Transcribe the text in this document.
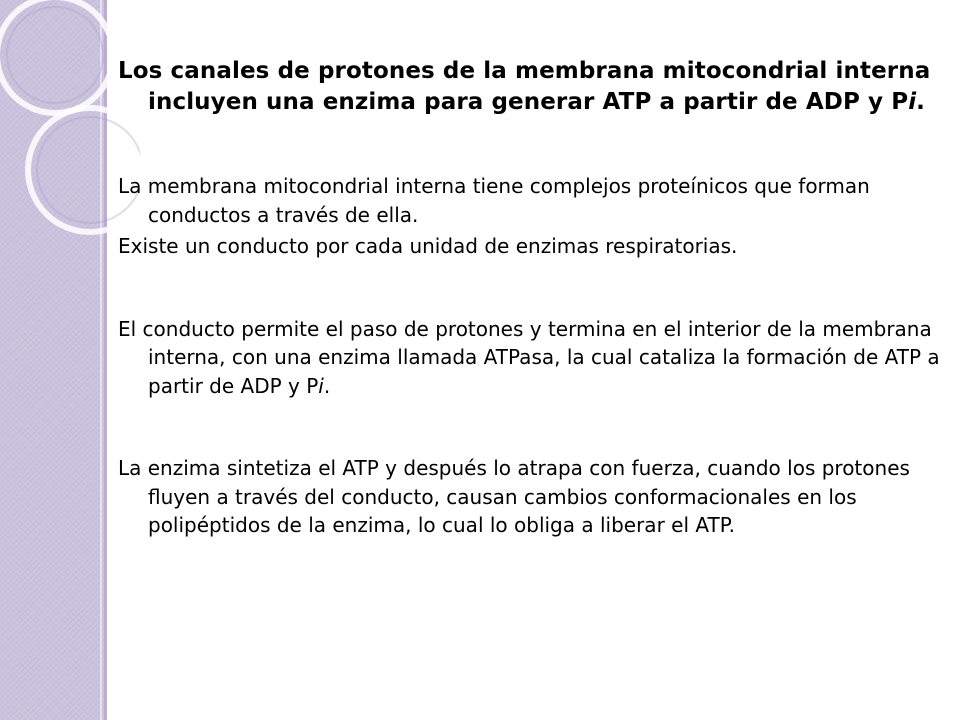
Los canales de protones de la membrana mitocondrial interna incluyen una enzima para generar ATP a partir de ADP y Pi.

La membrana mitocondrial interna tiene complejos proteínicos que forman conductos a través de ella.

Existe un conducto por cada unidad de enzimas respiratorias.

El conducto permite el paso de protones y termina en el interior de la membrana interna, con una enzima llamada ATPasa, la cual cataliza la formación de ATP a partir de ADP y Pi.

La enzima sintetiza el ATP y después lo atrapa con fuerza, cuando los protones fluyen a través del conducto, causan cambios conformacionales en los polipéptidos de la enzima, lo cual lo obliga a liberar el ATP.
